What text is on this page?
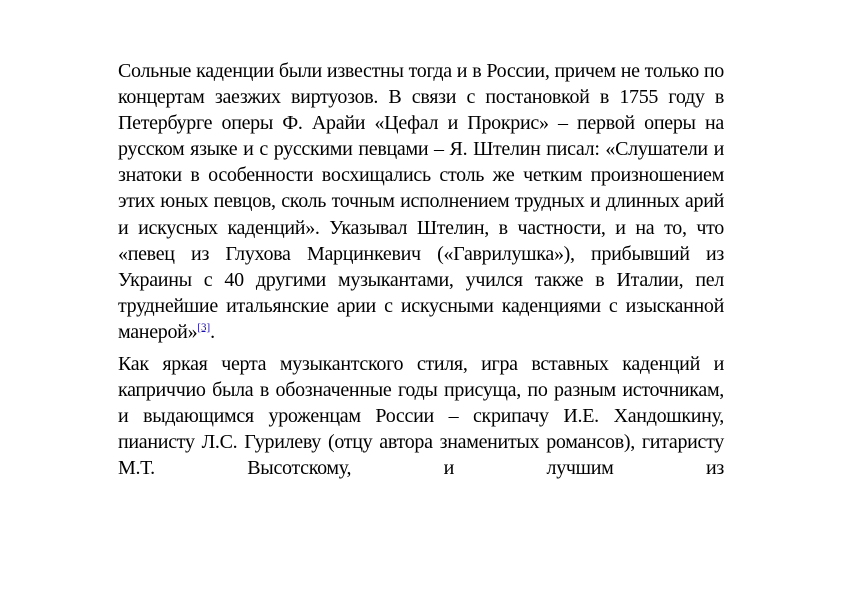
Сольные каденции были известны тогда и в России, причем не только по концертам заезжих виртуозов. В связи с постановкой в 1755 году в Петербурге оперы Ф. Арайи «Цефал и Прокрис» – первой оперы на русском языке и с русскими певцами – Я. Штелин писал: «Слушатели и знатоки в особенности восхищались столь же четким произношением этих юных певцов, сколь точным исполнением трудных и длинных арий и искусных каденций». Указывал Штелин, в частности, и на то, что «певец из Глухова Марцинкевич («Гаврилушка»), прибывший из Украины с 40 другими музыкантами, учился также в Италии, пел труднейшие итальянские арии с искусными каденциями с изысканной манерой»[3].

Как яркая черта музыкантского стиля, игра вставных каденций и каприччио была в обозначенные годы присуща, по разным источникам, и выдающимся уроженцам России – скрипачу И.Е. Хандошкину, пианисту Л.С. Гурилеву (отцу автора знаменитых романсов), гитаристу М.Т. Высотскому, и лучшим из
